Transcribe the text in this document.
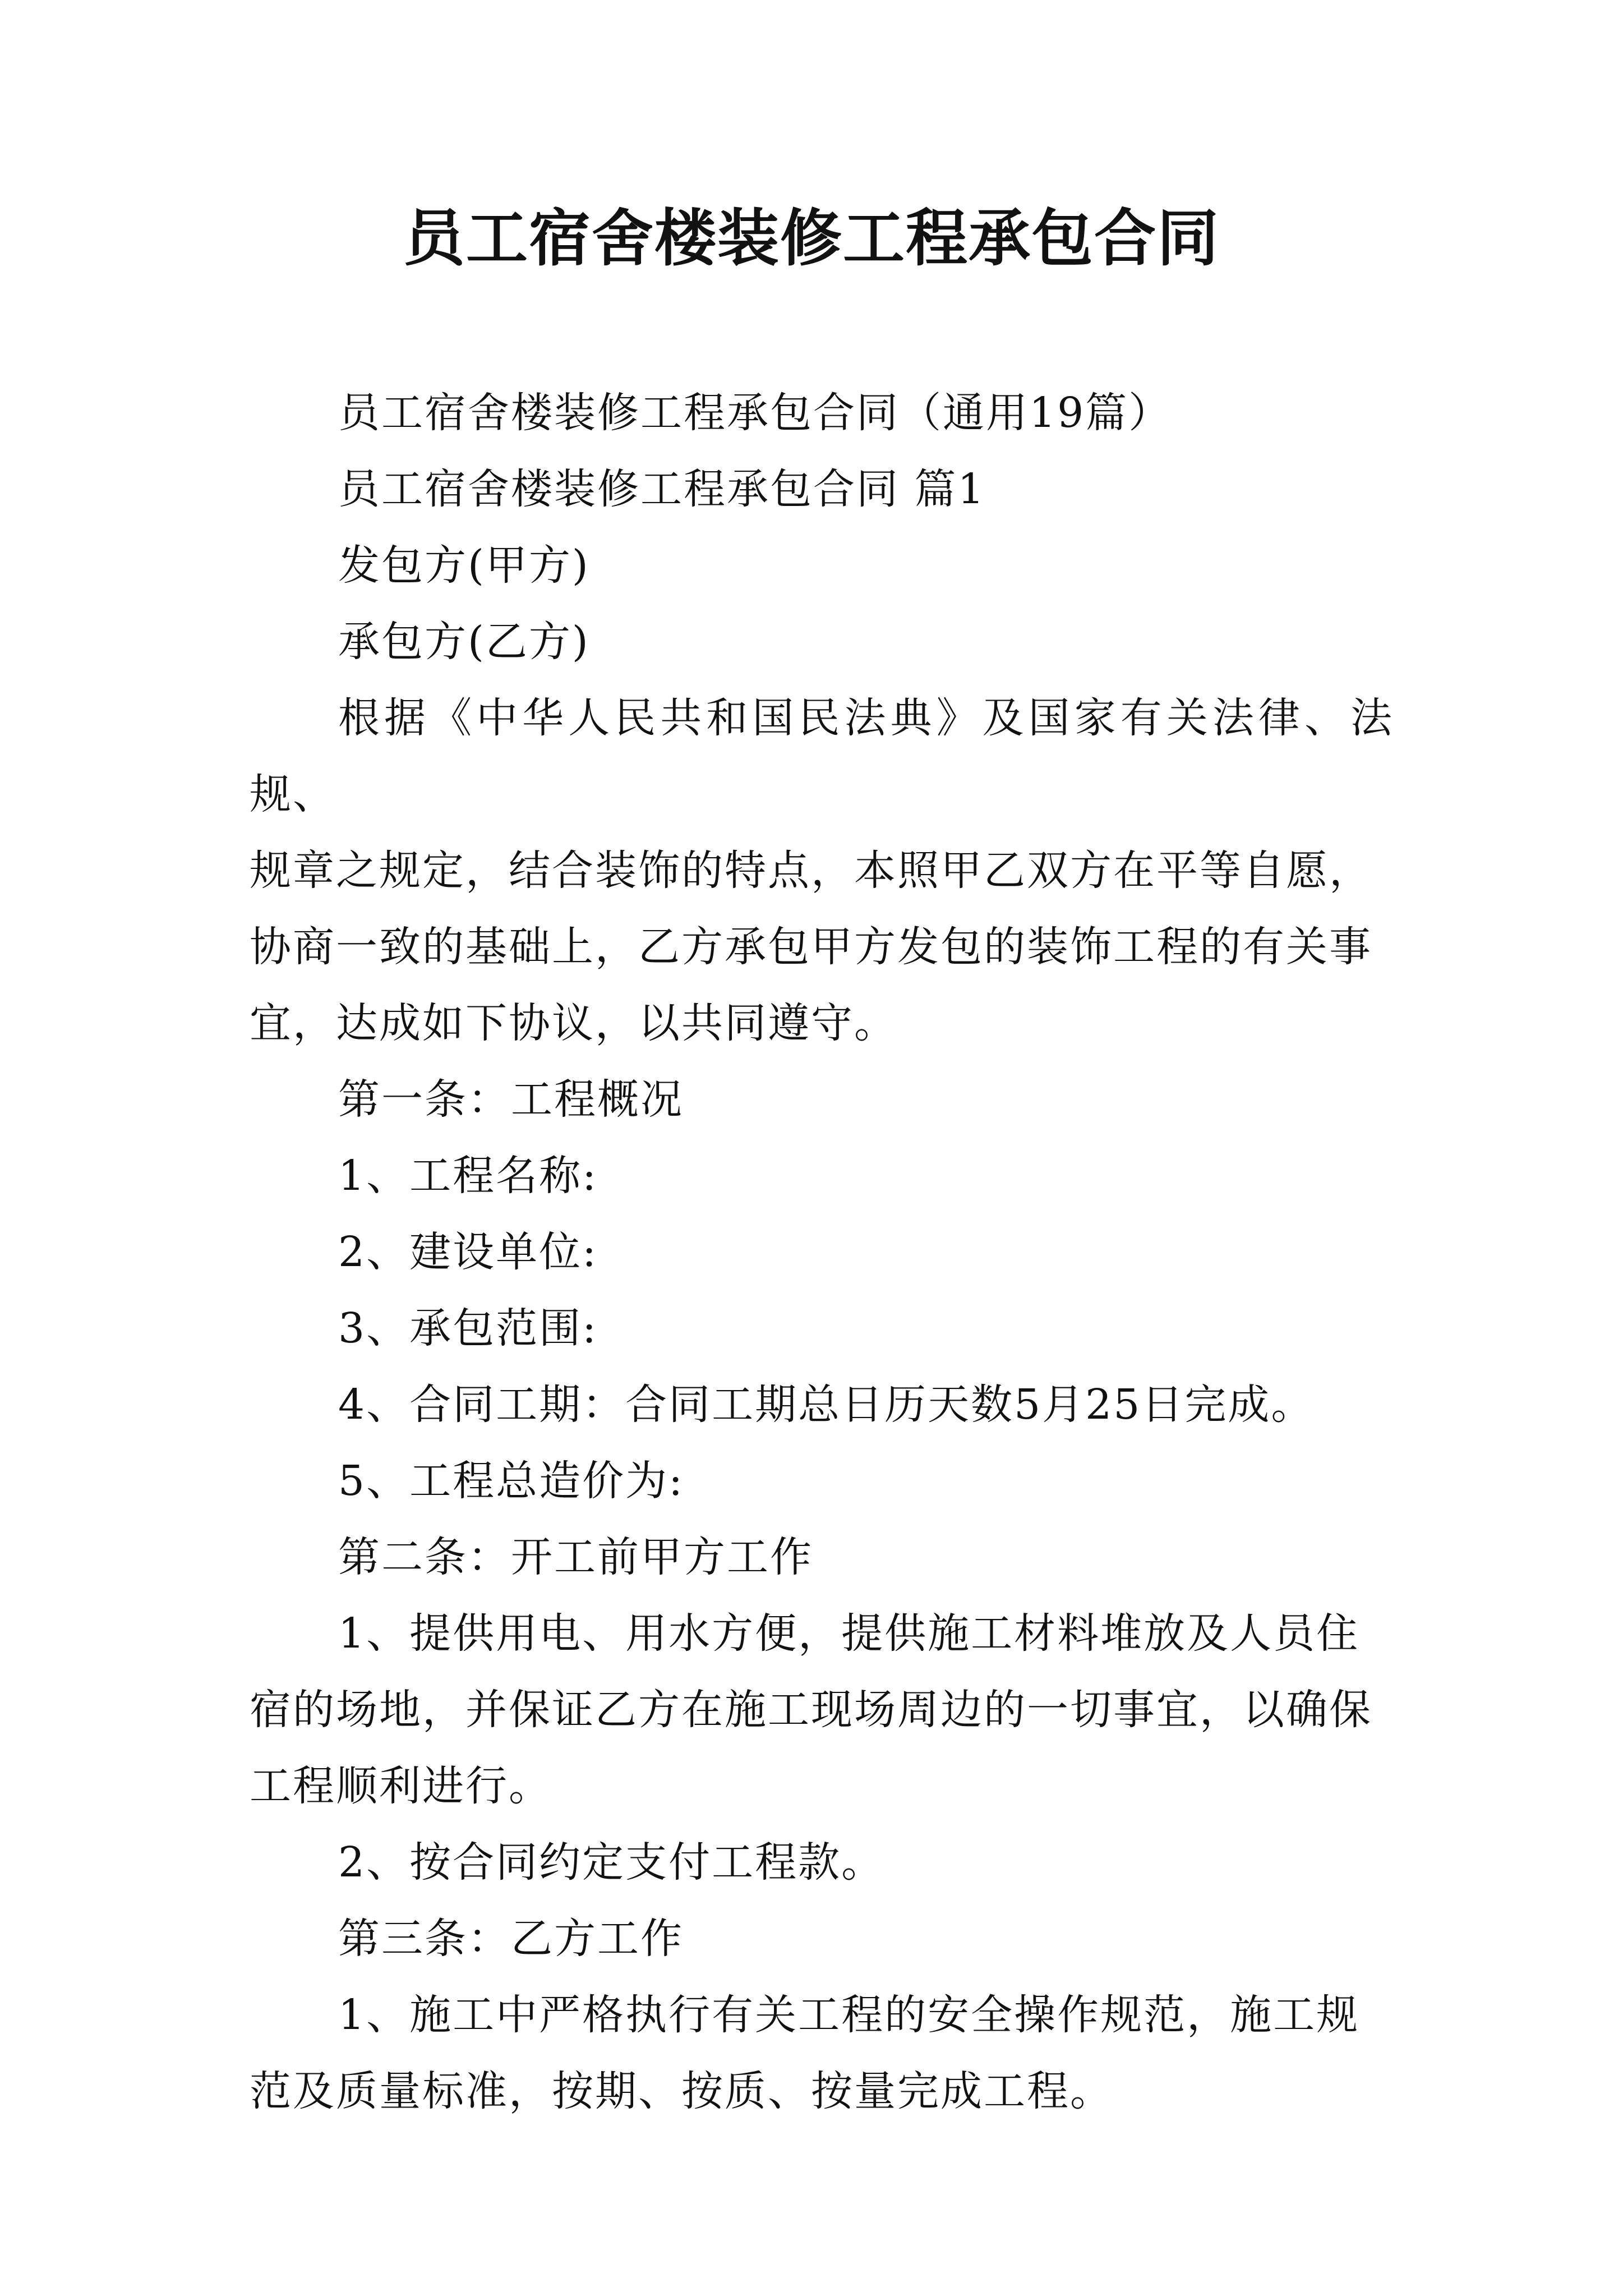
员工宿舍楼装修工程承包合同

员工宿舍楼装修工程承包合同（通用19篇）

员工宿舍楼装修工程承包合同 篇1

发包方(甲方)

承包方(乙方)

根据《中华人民共和国民法典》及国家有关法律、法规、
规章之规定，结合装饰的特点，本照甲乙双方在平等自愿，
协商一致的基础上，乙方承包甲方发包的装饰工程的有关事
宜，达成如下协议，以共同遵守。

第一条：工程概况

1、工程名称:

2、建设单位:

3、承包范围:

4、合同工期：合同工期总日历天数5月25日完成。

5、工程总造价为:

第二条：开工前甲方工作

1、提供用电、用水方便，提供施工材料堆放及人员住
宿的场地，并保证乙方在施工现场周边的一切事宜，以确保
工程顺利进行。

2、按合同约定支付工程款。

第三条：乙方工作

1、施工中严格执行有关工程的安全操作规范，施工规
范及质量标准，按期、按质、按量完成工程。
